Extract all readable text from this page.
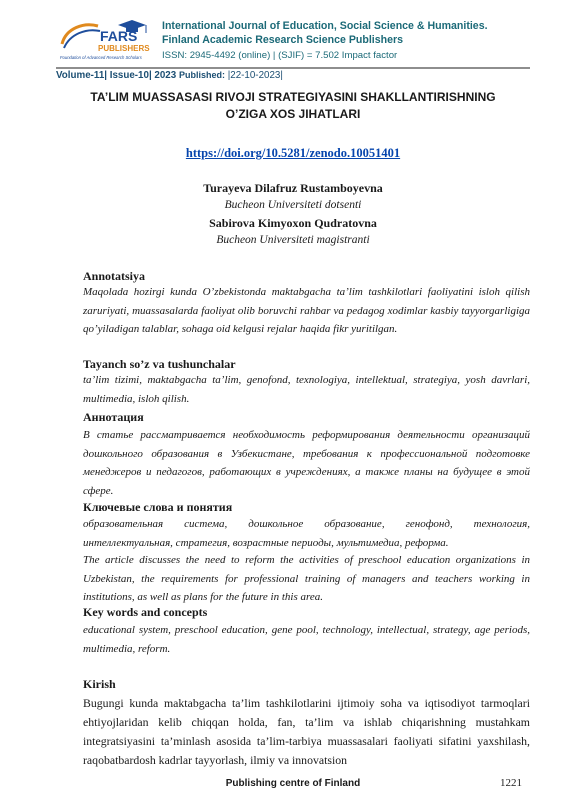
FARS
PUBLISHERS
Foundation of Advanced Research Scholars
International Journal of Education, Social Science & Humanities.
Finland Academic Research Science Publishers
ISSN: 2945-4492 (online) | (SJIF) = 7.502 Impact factor
Volume-11| Issue-10| 2023 Published: |22-10-2023|
TA’LIM MUASSASASI RIVOJI STRATEGIYASINI SHAKLLANTIRISHNING
O’ZIGA XOS JIHATLARI
https://doi.org/10.5281/zenodo.10051401
Turayeva Dilafruz Rustamboyevna
Bucheon Universiteti dotsenti
Sabirova Kimyoxon Qudratovna
Bucheon Universiteti magistranti
Annotatsiya
Maqolada hozirgi kunda O’zbekistonda maktabgacha ta’lim tashkilotlari faoliyatini isloh qilish zaruriyati, muassasalarda faoliyat olib boruvchi rahbar va pedagog xodimlar kasbiy tayyorgarligiga qo’yiladigan talablar, sohaga oid kelgusi rejalar haqida fikr yuritilgan.
Tayanch so’z va tushunchalar
ta’lim tizimi, maktabgacha ta’lim, genofond, texnologiya, intellektual, strategiya, yosh davrlari, multimedia, isloh qilish.
Аннотация
В статье рассматривается необходимость реформирования деятельности организаций дошкольного образования в Узбекистане, требования к профессиональной подготовке менеджеров и педагогов, работающих в учреждениях, а также планы на будущее в этой сфере.
Ключевые слова и понятия
образовательная система, дошкольное образование, генофонд, технология, интеллектуальная, стратегия, возрастные периоды, мультимедиа, реформа.
The article discusses the need to reform the activities of preschool education organizations in Uzbekistan, the requirements for professional training of managers and teachers working in institutions, as well as plans for the future in this area.
Key words and concepts
educational system, preschool education, gene pool, technology, intellectual, strategy, age periods, multimedia, reform.
Kirish
Bugungi kunda maktabgacha ta’lim tashkilotlarini ijtimoiy soha va iqtisodiyot tarmoqlari ehtiyojlaridan kelib chiqqan holda, fan, ta’lim va ishlab chiqarishning mustahkam integratsiyasini ta’minlash asosida ta’lim-tarbiya muassasalari faoliyati sifatini yaxshilash, raqobatbardosh kadrlar tayyorlash, ilmiy va innovatsion
Publishing centre of Finland	1221
